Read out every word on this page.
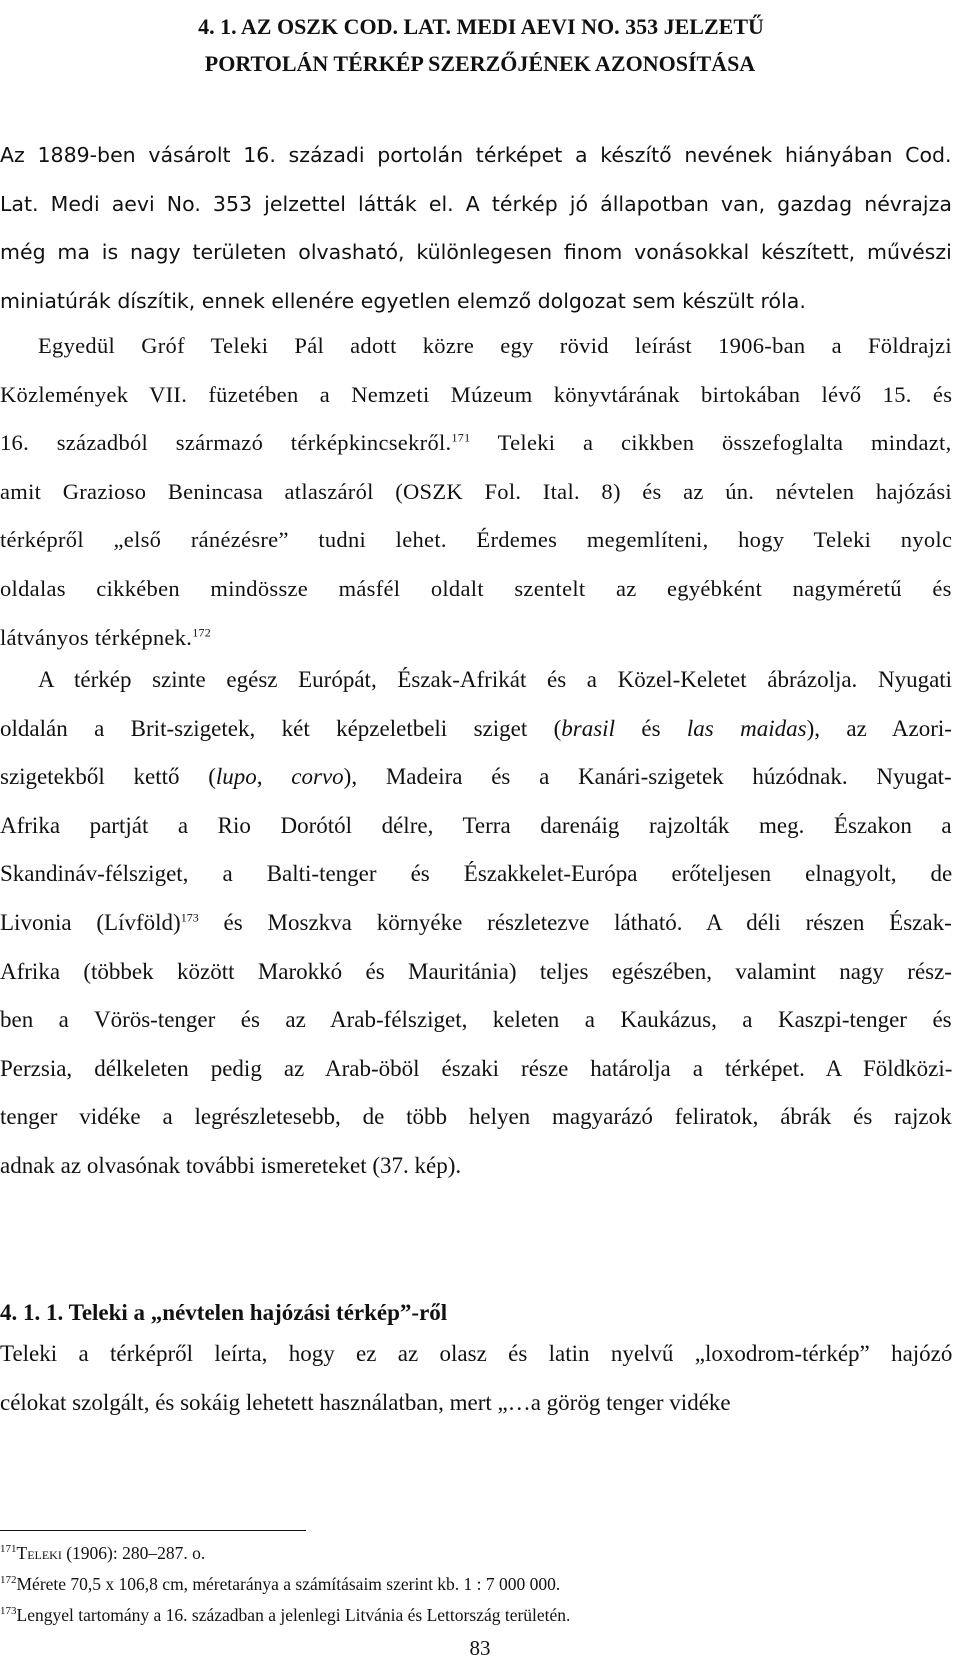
4. 1. AZ OSZK COD. LAT. MEDI AEVI NO. 353 JELZETŰ
PORTOLÁN TÉRKÉP SZERZŐJÉNEK AZONOSÍTÁSA
Az 1889-ben vásárolt 16. századi portolán térképet a készítő nevének hiányában Cod.
Lat. Medi aevi No. 353 jelzettel látták el. A térkép jó állapotban van, gazdag névrajza
még ma is nagy területen olvasható, különlegesen finom vonásokkal készített, művészi
miniatúrák díszítik, ennek ellenére egyetlen elemző dolgozat sem készült róla.
Egyedül Gróf Teleki Pál adott közre egy rövid leírást 1906-ban a Földrajzi
Közlemények VII. füzetében a Nemzeti Múzeum könyvtárának birtokában lévő 15. és
16. századból származó térképkincsekről.$^{171}$ Teleki a cikkben összefoglalta mindazt,
amit Grazioso Benincasa atlaszáról (OSZK Fol. Ital. 8) és az ún. névtelen hajózási
térképről „első ránézésre” tudni lehet. Érdemes megemlíteni, hogy Teleki nyolc
oldalas cikkében mindössze másfél oldalt szentelt az egyébként nagyméretű és
látványos térképnek.$^{172}$
A térkép szinte egész Európát, Észak-Afrikát és a Közel-Keletet ábrázolja. Nyugati
oldalán a Brit-szigetek, két képzeletbeli sziget (brasil és las maidas), az Azori-
szigetekből kettő (lupo, corvo), Madeira és a Kanári-szigetek húzódnak. Nyugat-
Afrika partját a Rio Dorótól délre, Terra darenáig rajzolták meg. Északon a
Skandináv-félsziget, a Balti-tenger és Északkelet-Európa erőteljesen elnagyolt, de
Livonia (Lívföld)$^{173}$ és Moszkva környéke részletezve látható. A déli részen Észak-
Afrika (többek között Marokkó és Mauritánia) teljes egészében, valamint nagy rész-
ben a Vörös-tenger és az Arab-félsziget, keleten a Kaukázus, a Kaszpi-tenger és
Perzsia, délkeleten pedig az Arab-öböl északi része határolja a térképet. A Földközi-
tenger vidéke a legrészletesebb, de több helyen magyarázó feliratok, ábrák és rajzok
adnak az olvasónak további ismereteket (37. kép).
4. 1. 1. Teleki a „névtelen hajózási térkép”-ről
Teleki a térképről leírta, hogy ez az olasz és latin nyelvű „loxodrom-térkép” hajózó
célokat szolgált, és sokáig lehetett használatban, mert „…a görög tenger vidéke
$^{171}$Teleki (1906): 280–287. o.
$^{172}$Mérete 70,5 x 106,8 cm, méretaránya a számításaim szerint kb. 1 : 7 000 000.
$^{173}$Lengyel tartomány a 16. században a jelenlegi Litvánia és Lettország területén.
83
